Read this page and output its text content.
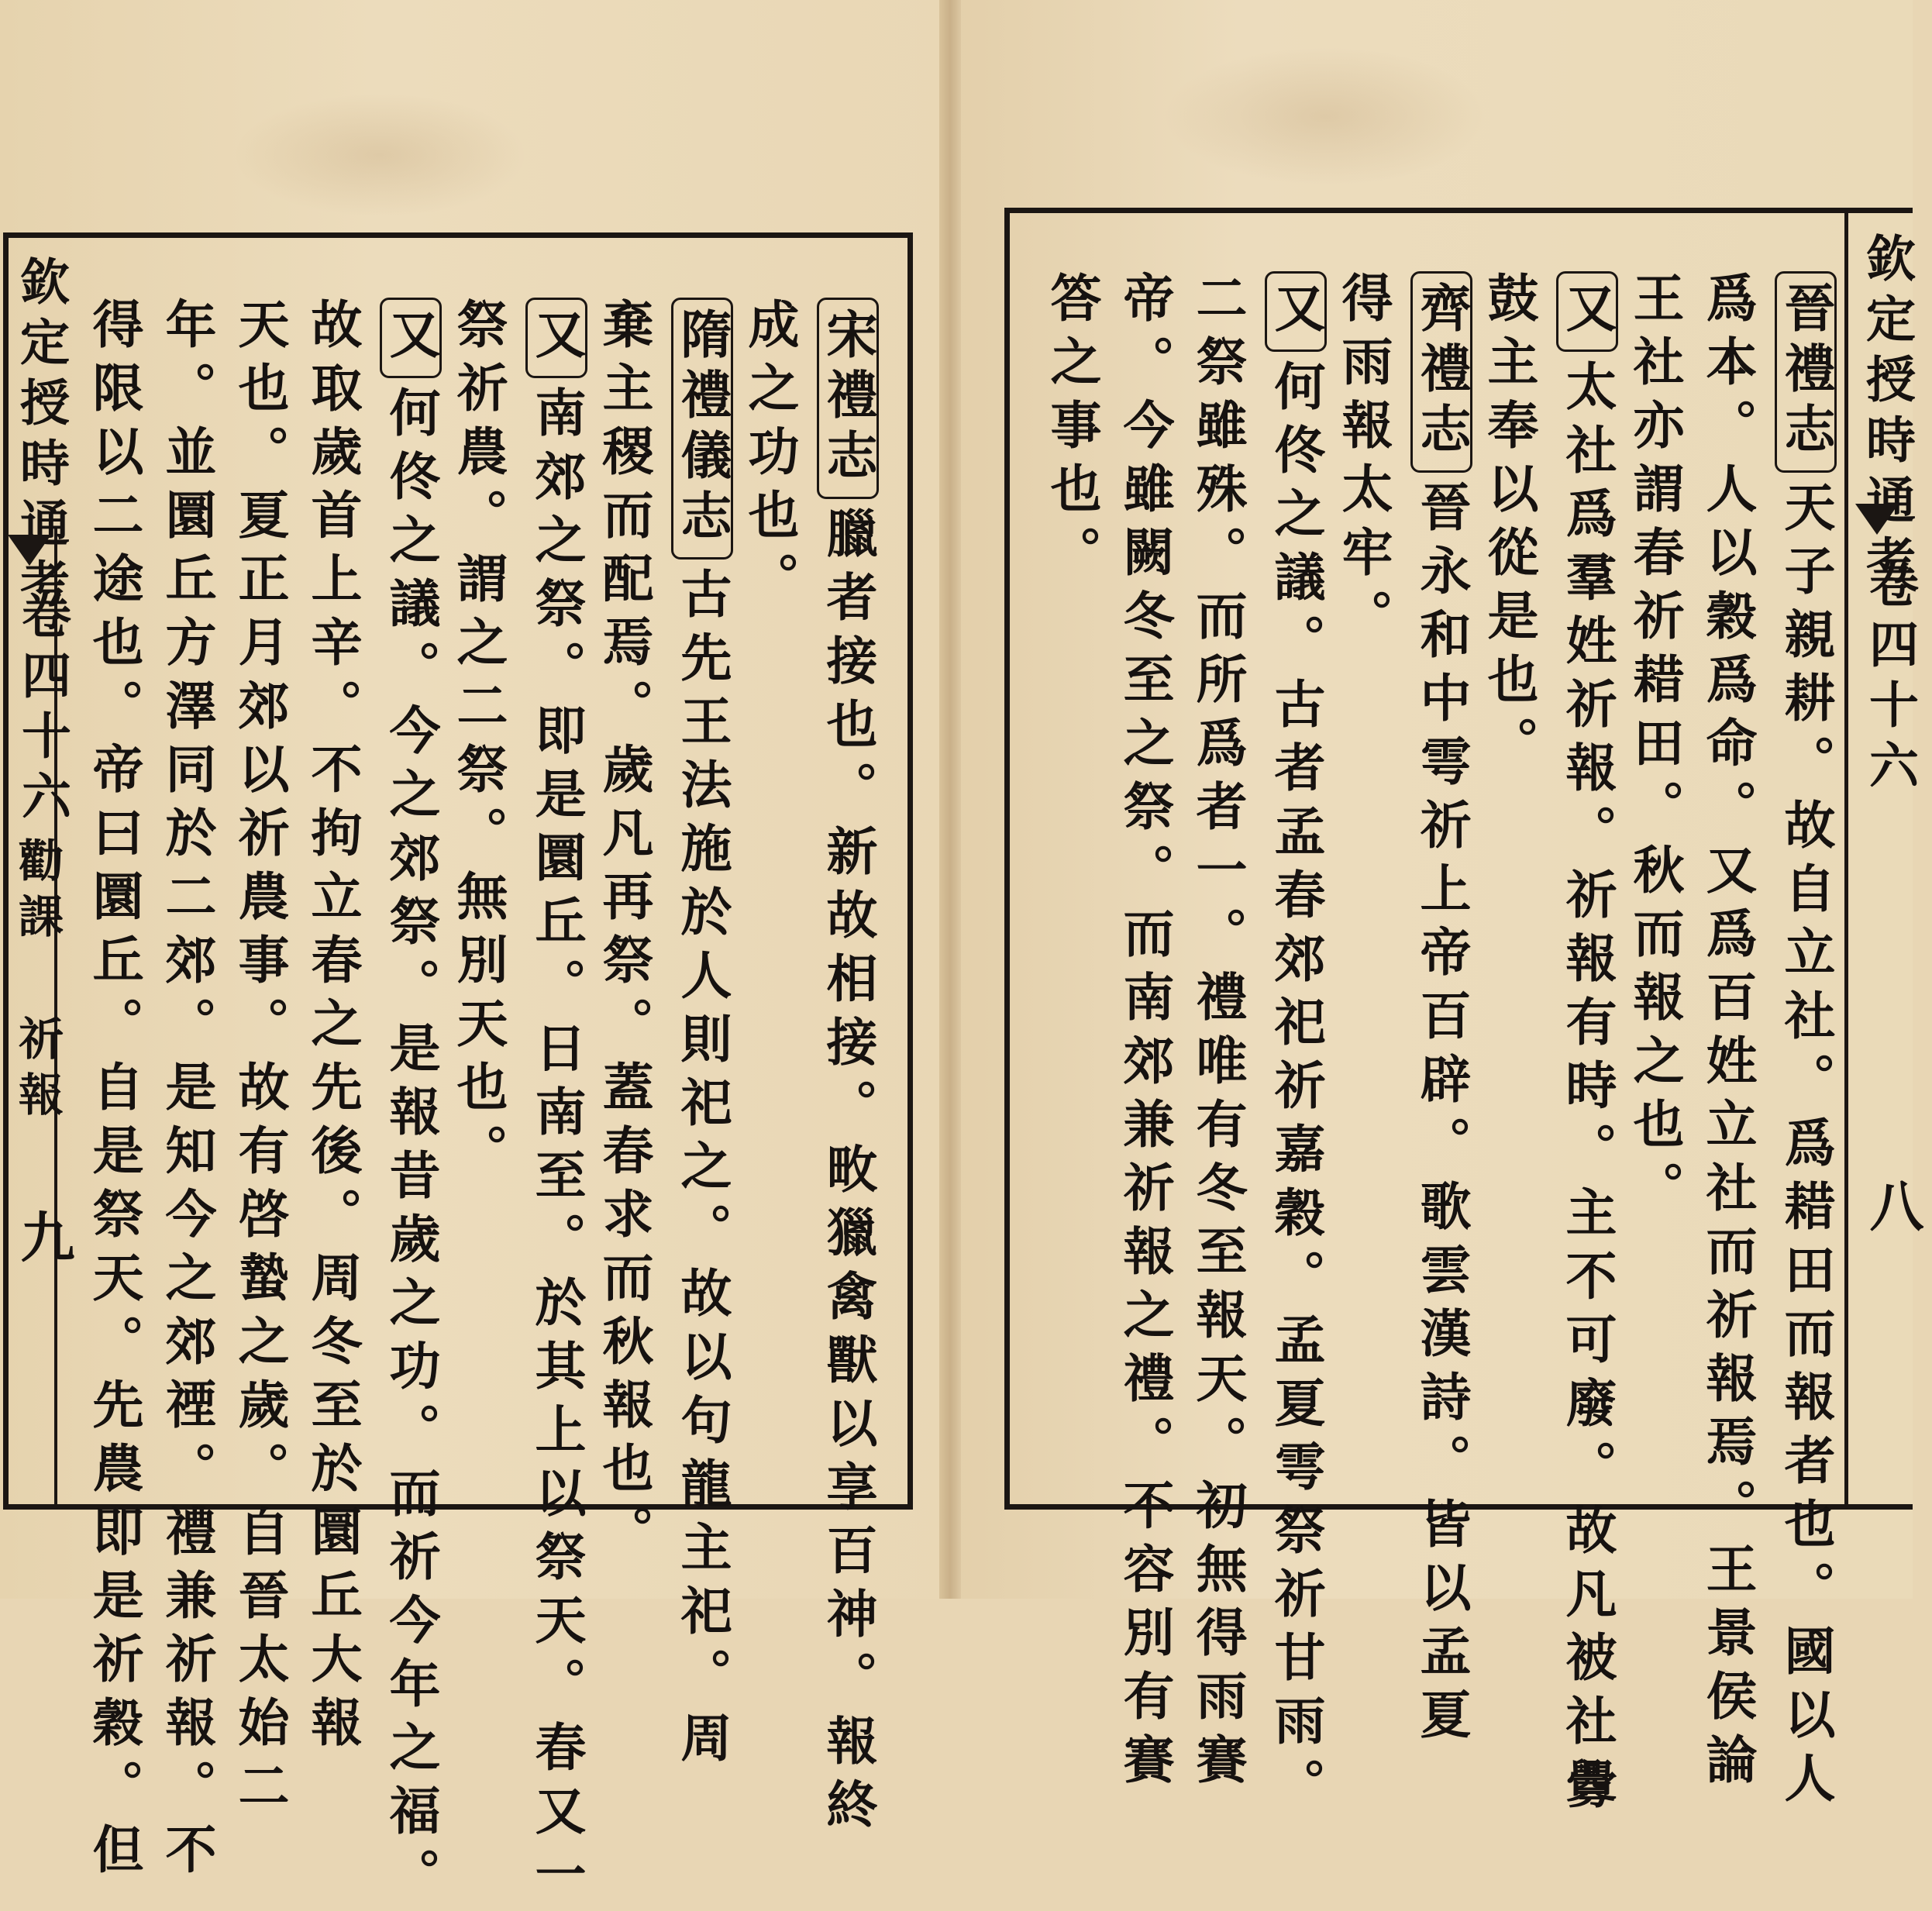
欽定授時通考
卷四十六
勸課
祈報
九
宋禮志臘者接也。新故相接。畋獵禽獸以享百神。報終
成之功也。
隋禮儀志古先王法施於人則祀之。故以句龍主祀。周
棄主稷而配焉。歲凡再祭。蓋春求而秋報也。
又南郊之祭。即是圜丘。日南至。於其上以祭天。春又一
祭祈農。謂之二祭。無別天也。
又何佟之議。今之郊祭。是報昔歲之功。而祈今年之福。
故取歲首上辛。不拘立春之先後。周冬至於圜丘大報
天也。夏正月郊以祈農事。故有啓蟄之歲。自晉太始二
年。並圜丘方澤同於二郊。是知今之郊禋。禮兼祈報。不
得限以二途也。帝曰圜丘。自是祭天。先農即是祈穀。但	欽定授時通考
卷四十六
八
晉禮志天子親耕。故自立社。爲耤田而報者也。國以人
爲本。人以穀爲命。又爲百姓立社而祈報焉。王景侯論
王社亦謂春祈耤田。秋而報之也。
又太社爲羣姓祈報。祈報有時。主不可廢。故凡被社釁
鼓主奉以從是也。
齊禮志晉永和中雩祈上帝百辟。歌雲漢詩。皆以孟夏
得雨報太牢。
又何佟之議。古者孟春郊祀祈嘉穀。孟夏雩祭祈甘雨。
二祭雖殊。而所爲者一。禮唯有冬至報天。初無得雨賽
帝。今雖闕冬至之祭。而南郊兼祈報之禮。不容別有賽
答之事也。
